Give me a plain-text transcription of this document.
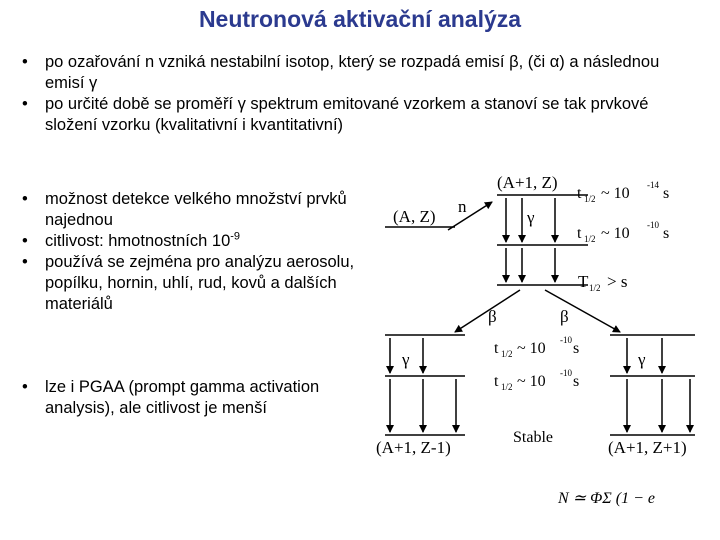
Neutronová aktivační analýza
• po ozařování n vzniká nestabilní isotop, který se rozpadá emisí β, (či α) a následnou emisí γ
• po určité době se proměří γ spektrum emitované vzorkem a stanoví se tak prvkové složení vzorku (kvalitativní i kvantitativní)
• možnost detekce velkého množství prvků najednou
• citlivost: hmotnostních $10^{-9}$
• používá se zejména pro analýzu aerosolu, popílku, hornin, uhlí, rud, kovů a dalších materiálů
• lze i PGAA (prompt gamma activation analysis), ale citlivost je menší
(A+1, Z)
(A, Z)
n
t 1/2 ~ 10 -14 s
γ
t 1/2 ~ 10 -10 s
T 1/2 > s
β	β
γ
t 1/2 ~ 10 -10 s
t 1/2 ~ 10 -10 s
γ
(A+1, Z-1)
Stable
(A+1, Z+1)
N ≃ ΦΣ (1 − e
